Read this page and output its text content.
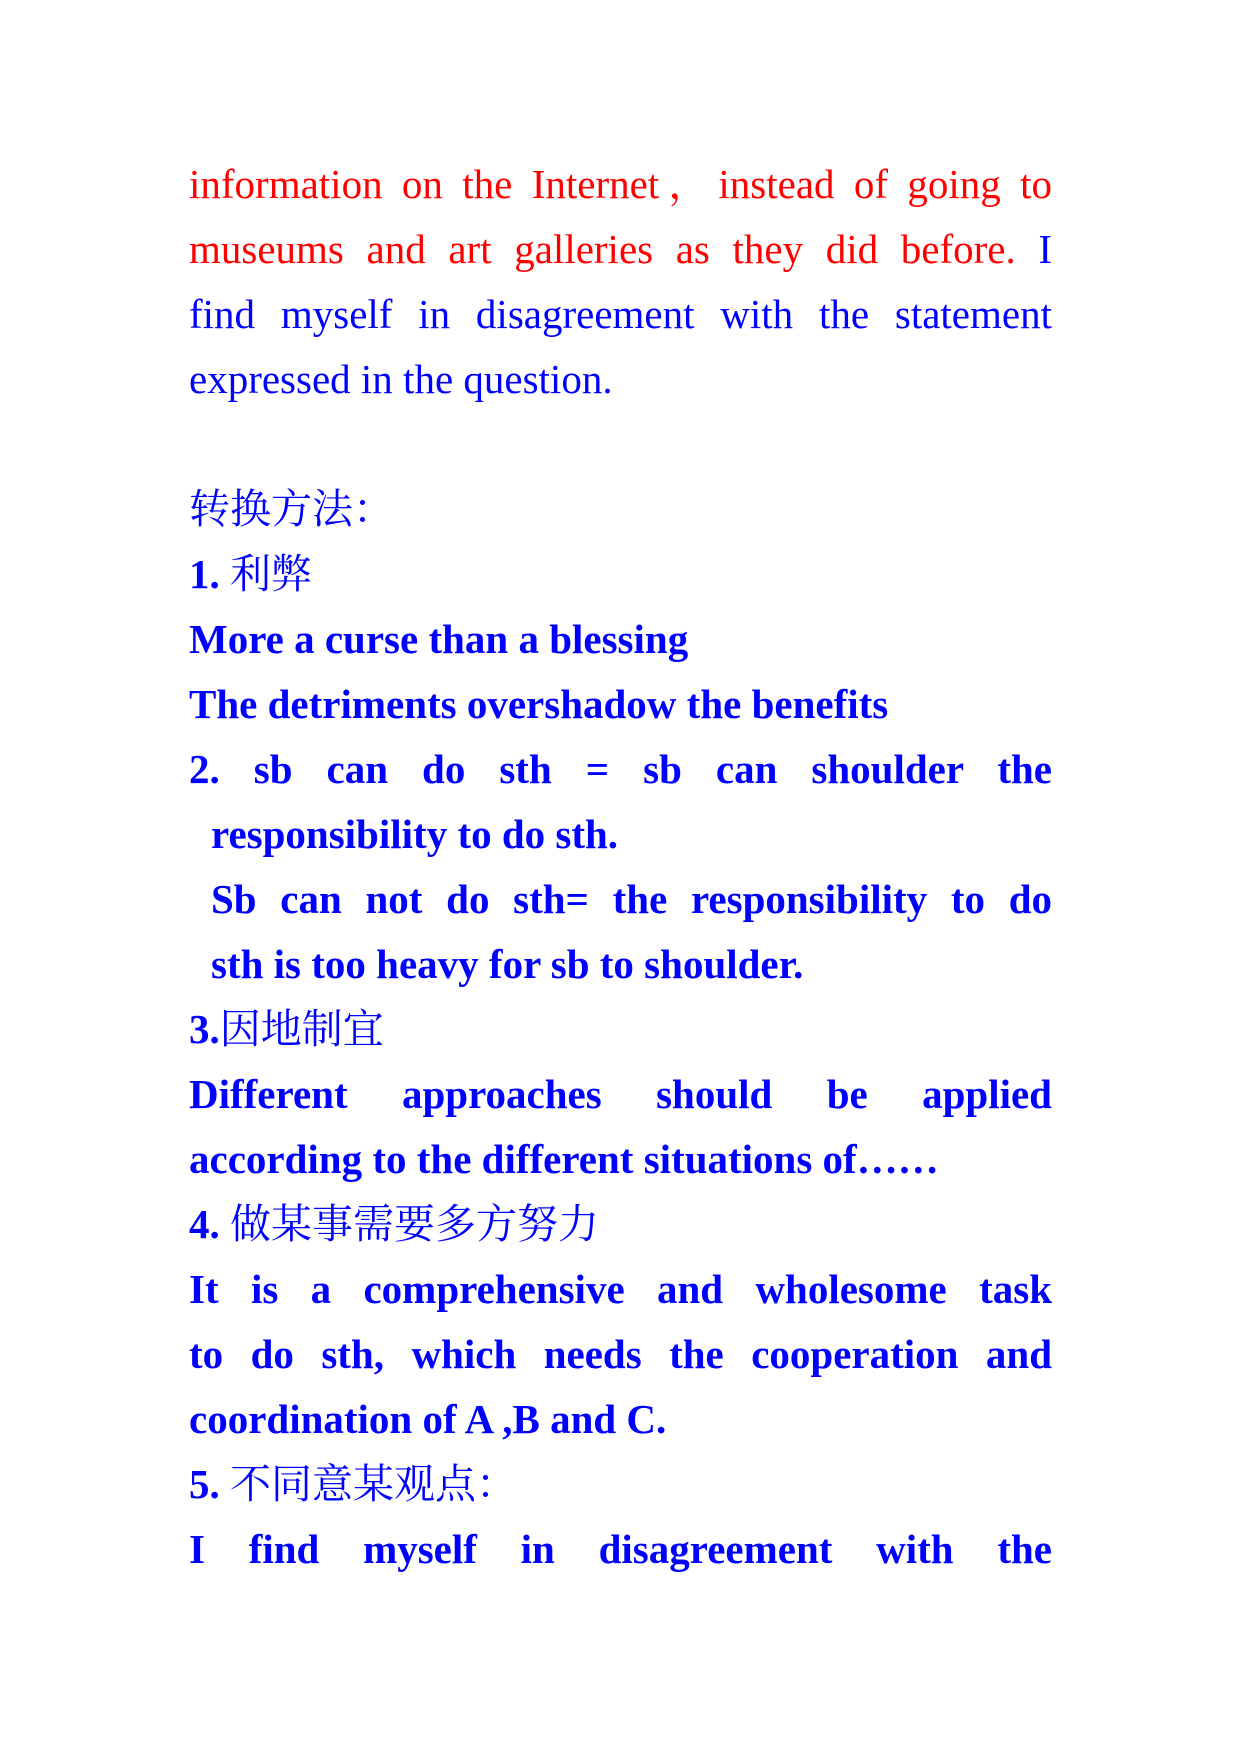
information on the Internet，instead of going to
museums and art galleries as they did before. I
find myself in disagreement with the statement
expressed in the question.
转换方法：
1. 利弊
More a curse than a blessing
The detriments overshadow the benefits
2. sb can do sth = sb can shoulder the
responsibility to do sth.
Sb can not do sth= the responsibility to do
sth is too heavy for sb to shoulder.
3.因地制宜
Different approaches should be applied
according to the different situations of……
4. 做某事需要多方努力
It is a comprehensive and wholesome task
to do sth, which needs the cooperation and
coordination of A ,B and C.
5. 不同意某观点：
I find myself in disagreement with the
